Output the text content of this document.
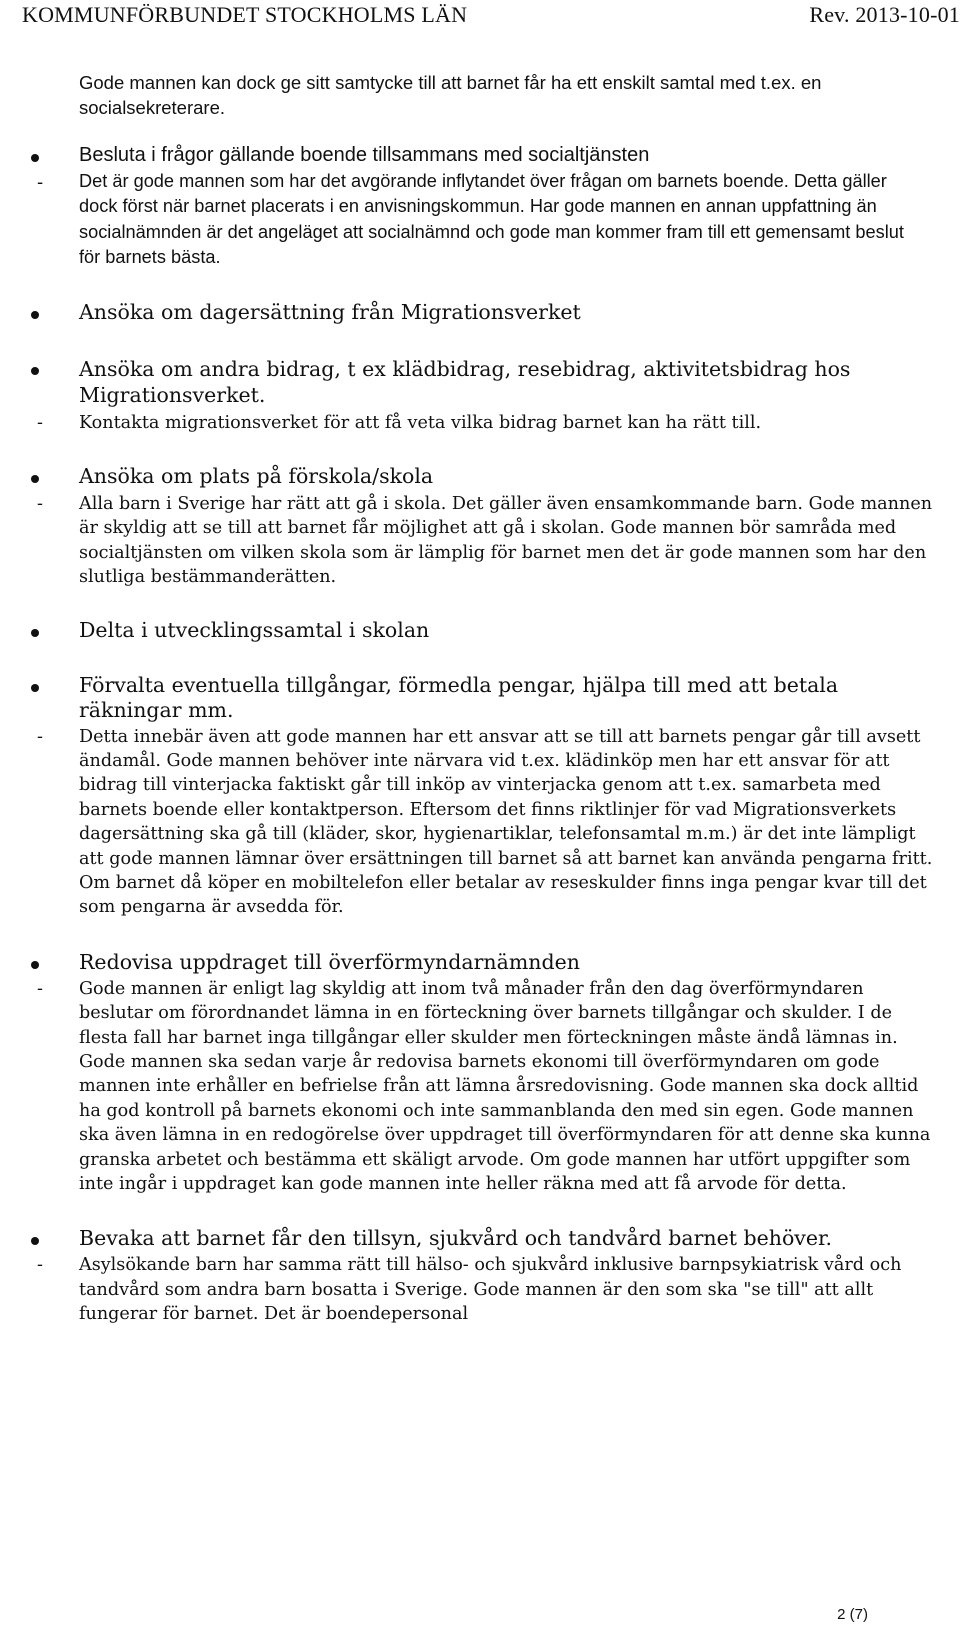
KOMMUNFÖRBUNDET STOCKHOLMS LÄN	Rev. 2013-10-01
Gode mannen kan dock ge sitt samtycke till att barnet får ha ett enskilt samtal med t.ex. en socialsekreterare.
Besluta i frågor gällande boende tillsammans med socialtjänsten
- Det är gode mannen som har det avgörande inflytandet över frågan om barnets boende. Detta gäller dock först när barnet placerats i en anvisningskommun. Har gode mannen en annan uppfattning än socialnämnden är det angeläget att socialnämnd och gode man kommer fram till ett gemensamt beslut för barnets bästa.
Ansöka om dagersättning från Migrationsverket
Ansöka om andra bidrag, t ex klädbidrag, resebidrag, aktivitetsbidrag hos Migrationsverket.
- Kontakta migrationsverket för att få veta vilka bidrag barnet kan ha rätt till.
Ansöka om plats på förskola/skola
- Alla barn i Sverige har rätt att gå i skola. Det gäller även ensamkommande barn. Gode mannen är skyldig att se till att barnet får möjlighet att gå i skolan. Gode mannen bör samråda med socialtjänsten om vilken skola som är lämplig för barnet men det är gode mannen som har den slutliga bestämmanderätten.
Delta i utvecklingssamtal i skolan
Förvalta eventuella tillgångar, förmedla pengar, hjälpa till med att betala räkningar mm.
- Detta innebär även att gode mannen har ett ansvar att se till att barnets pengar går till avsett ändamål. Gode mannen behöver inte närvara vid t.ex. klädinköp men har ett ansvar för att bidrag till vinterjacka faktiskt går till inköp av vinterjacka genom att t.ex. samarbeta med barnets boende eller kontaktperson. Eftersom det finns riktlinjer för vad Migrationsverkets dagersättning ska gå till (kläder, skor, hygienartiklar, telefonsamtal m.m.) är det inte lämpligt att gode mannen lämnar över ersättningen till barnet så att barnet kan använda pengarna fritt. Om barnet då köper en mobiltelefon eller betalar av reseskulder finns inga pengar kvar till det som pengarna är avsedda för.
Redovisa uppdraget till överförmyndarnämnden
- Gode mannen är enligt lag skyldig att inom två månader från den dag överförmyndaren beslutar om förordnandet lämna in en förteckning över barnets tillgångar och skulder. I de flesta fall har barnet inga tillgångar eller skulder men förteckningen måste ändå lämnas in. Gode mannen ska sedan varje år redovisa barnets ekonomi till överförmyndaren om gode mannen inte erhåller en befrielse från att lämna årsredovisning. Gode mannen ska dock alltid ha god kontroll på barnets ekonomi och inte sammanblanda den med sin egen. Gode mannen ska även lämna in en redogörelse över uppdraget till överförmyndaren för att denne ska kunna granska arbetet och bestämma ett skäligt arvode. Om gode mannen har utfört uppgifter som inte ingår i uppdraget kan gode mannen inte heller räkna med att få arvode för detta.
Bevaka att barnet får den tillsyn, sjukvård och tandvård barnet behöver.
- Asylsökande barn har samma rätt till hälso- och sjukvård inklusive barnpsykiatrisk vård och tandvård som andra barn bosatta i Sverige. Gode mannen är den som ska "se till" att allt fungerar för barnet. Det är boendepersonal
2 (7)
